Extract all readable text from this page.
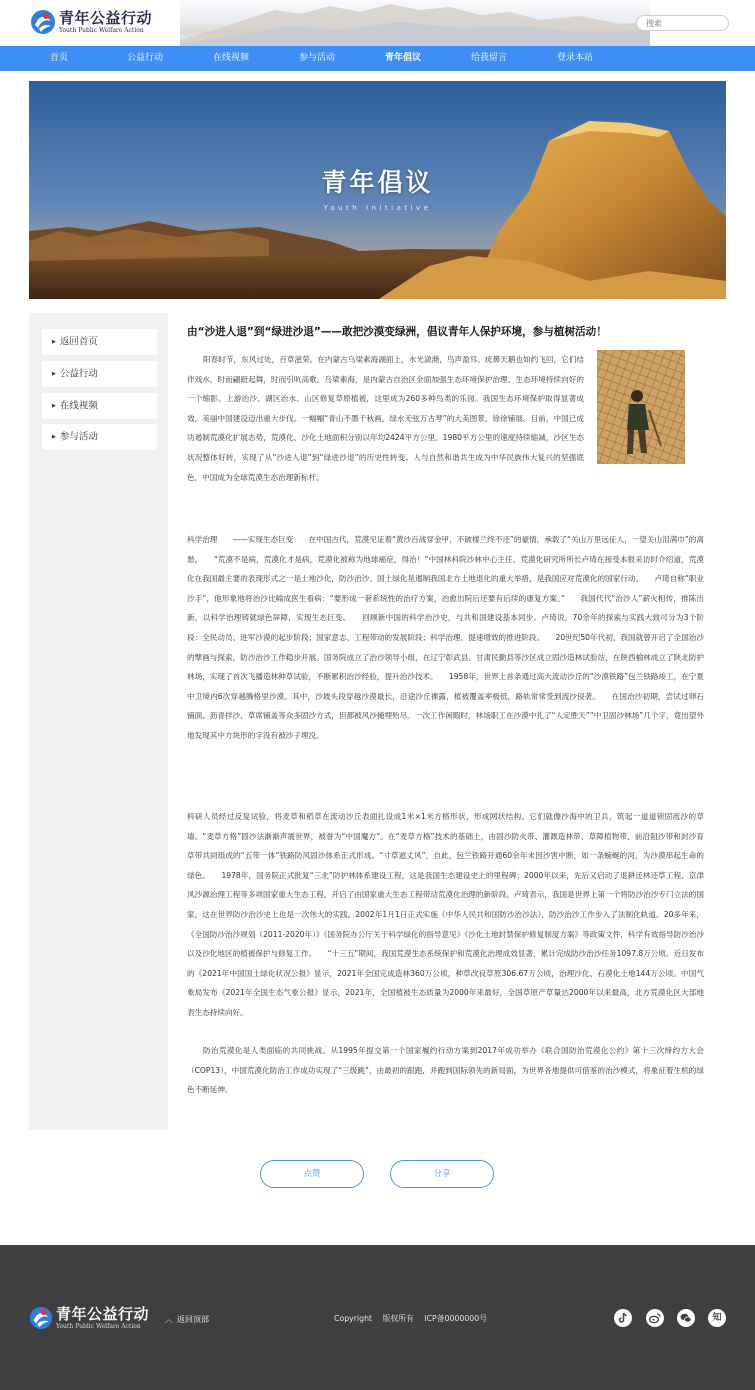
青年公益行动
Youth Public Welfare Action
搜索
首页	公益行动	在线视频	参与活动	青年倡议	给我留言	登录本站
青年倡议
Youth Initiative
▶ 返回首页
▶ 公益行动
▶ 在线视频
▶ 参与活动
由“沙进人退”到“绿进沙退”——敢把沙漠变绿洲，倡议青年人保护环境，参与植树活动！
阳春时节，东风过处，百草滋荣。在内蒙古乌梁素海湖面上，水光潋滟，鸟声盈耳。疣鼻天鹅也如约飞回，它们结伴戏水，时而翩跹起舞，时而引吭高歌。乌梁素海，是内蒙古自治区全面加强生态环境保护治理、生态环境持续向好的一个缩影。上游治沙、湖区治水、山区修复草原植被，这里成为260多种鸟类的乐园。我国生态环境保护取得显著成效，美丽中国建设迈出重大步伐。一幅幅“青山不墨千秋画，绿水无弦万古琴”的大美图景，徐徐铺展。目前，中国已成功遏制荒漠化扩展态势，荒漠化、沙化土地面积分别以年均2424平方公里、1980平方公里的速度持续缩减，沙区生态状况整体好转，实现了从“沙进人退”到“绿进沙退”的历史性转变。人与自然和谐共生成为中华民族伟大复兴的坚强底色，中国成为全球荒漠生态治理新标杆。
科学治理　　——实现生态巨变　　在中国古代，荒漠见证着“黄沙百战穿金甲，不破楼兰终不还”的豪情，承载了“关山万里远征人，一望关山泪满巾”的离愁。　　“荒漠不是病，荒漠化才是病，荒漠化被称为地球癌症，得治！”中国林科院沙林中心主任、荒漠化研究所所长卢琦在接受本报采访时介绍道，荒漠化在我国最主要的表现形式之一是土地沙化，防沙治沙、国土绿化是遏制我国北方土地退化的重大举措，是我国应对荒漠化的国家行动。　　卢琦自称“职业沙手”，他形象地将治沙比喻成医生看病：“要形成一套系统性的治疗方案，治愈出院后还要有后续的康复方案。”　　我国代代“治沙人”薪火相传，推陈出新，以科学治理铸就绿色屏障，实现生态巨变。　　回顾新中国的科学治沙史，与共和国建设基本同步。卢琦说，70余年的探索与实践大致可分为3个阶段：全民动员、进军沙漠的起步阶段；国家意志、工程带动的发展阶段；科学治理、提速增效的推进阶段。　　20世纪50年代初，我国就曾开启了全国治沙的擘画与探索，防沙治沙工作稳步开展。国务院成立了治沙领导小组，在辽宁彰武县、甘肃民勤县等沙区成立固沙造林试验站，在陕西榆林成立了陕北防护林场，实现了首次飞播造林种草试验，不断累积治沙经验，提升治沙技术。　　1958年，世界上首条通过高大流动沙丘的“沙漠铁路”包兰铁路竣工，在宁夏中卫境内6次穿越腾格里沙漠。其中，沙坡头段穿越沙漠最长，沿途沙丘裸露，植被覆盖率极低，路轨常常受到流沙侵袭。　　在国治沙初期，尝试过卵石铺面、沥青拌沙、草席铺盖等众多固沙方式，但都被风沙掩埋殆尽。一次工作闲暇时，林场职工在沙漠中扎了“人定胜天”“中卫固沙林场”几个字，竟出望外地发现其中方块形的字没有被沙子埋没。
科研人员经过反复试验，将麦草和稻草在流动沙丘表面扎设成1米×1米方格形状，形成网状结构。它们就像沙海中的卫兵，筑起一道道锁固流沙的草墙。“麦草方格”固沙法渐渐声震世界，被誉为“中国魔方”。在“麦草方格”技术的基础上，由固沙防火带、灌溉造林带、草障植物带、前沿阻沙带和封沙育草带共同组成的“五带一体”铁路防风固沙体系正式形成。“寸草遮丈风”，自此，包兰铁路开通60余年未因沙害中断，如一条蜿蜒的河，为沙漠串起生命的绿色。　　1978年，国务院正式批复“三北”防护林体系建设工程，这是我国生态建设史上的里程碑；2000年以来，先后又启动了退耕还林还草工程、京津风沙源治理工程等多项国家重大生态工程，开启了由国家重大生态工程带动荒漠化治理的新阶段。卢琦表示，我国是世界上第一个将防沙治沙专门立法的国家，这在世界防沙治沙史上也是一次伟大的实践。2002年1月1日正式实施《中华人民共和国防沙治沙法》，防沙治沙工作步入了法制化轨道。20多年来，《全国防沙治沙规划（2011-2020年）》《国务院办公厅关于科学绿化的指导意见》《沙化土地封禁保护修复制度方案》等政策文件，科学有效指导防沙治沙以及沙化地区的植被保护与修复工作。　　“十三五”期间，我国荒漠生态系统保护和荒漠化治理成效显著，累计完成防沙治沙任务1097.8万公顷。近日发布的《2021年中国国土绿化状况公报》显示，2021年全国完成造林360万公顷，种草改良草原306.67万公顷，治理沙化、石漠化土地144万公顷。中国气象局发布《2021年全国生态气象公报》显示，2021年，全国植被生态质量为2000年来最好，全国草原产草量达2000年以来最高，北方荒漠化区大部地表生态持续向好。
防治荒漠化是人类面临的共同挑战。从1995年提交第一个国家履约行动方案到2017年成功举办《联合国防治荒漠化公约》第十三次缔约方大会（COP13），中国荒漠化防治工作成功实现了“三级跳”，由最初的跟跑，并跑到国际领先的新局面，为世界各地提供可借鉴的治沙模式，将象征着生机的绿色不断延伸。
点赞	分享
青年公益行动
Youth Public Welfare Action
︿ 返回顶部	Copyright 版权所有 ICP备0000000号	知
